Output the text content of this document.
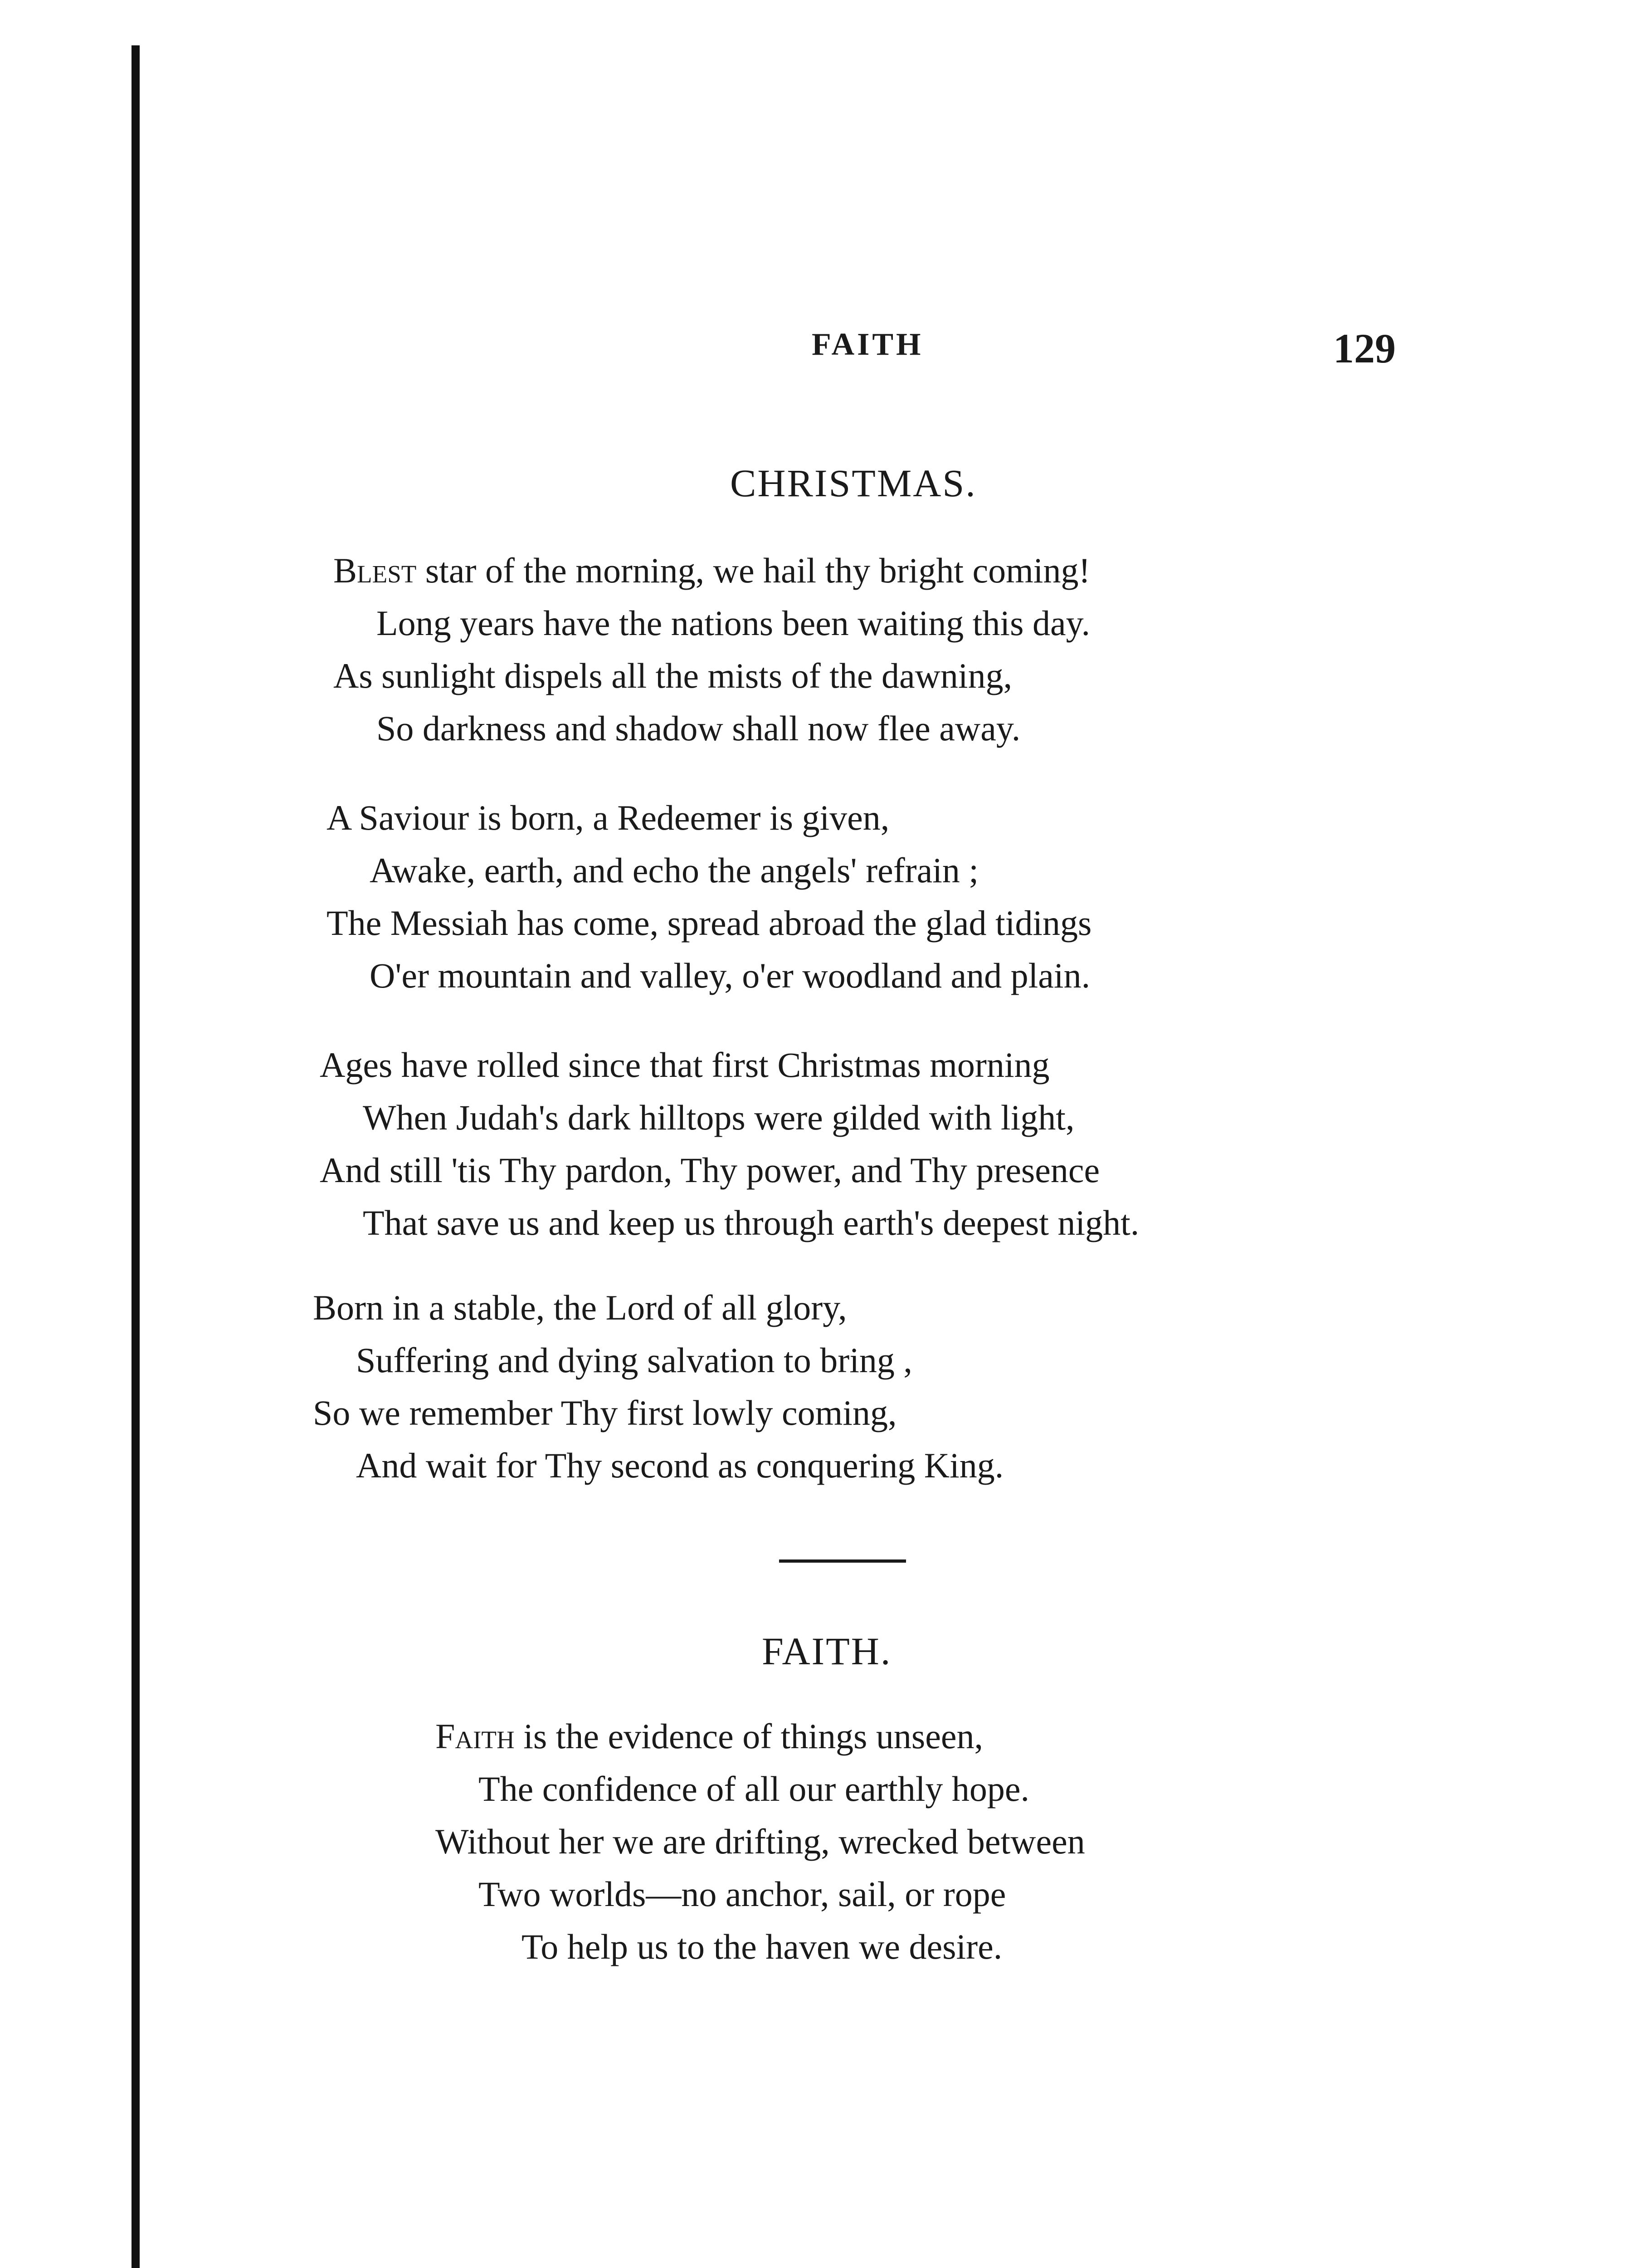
FAITH	129
CHRISTMAS.
Blest star of the morning, we hail thy bright coming!
Long years have the nations been waiting this day.
As sunlight dispels all the mists of the dawning,
So darkness and shadow shall now flee away.
A Saviour is born, a Redeemer is given,
Awake, earth, and echo the angels' refrain ;
The Messiah has come, spread abroad the glad tidings
O'er mountain and valley, o'er woodland and plain.
Ages have rolled since that first Christmas morning
When Judah's dark hilltops were gilded with light,
And still 'tis Thy pardon, Thy power, and Thy presence
That save us and keep us through earth's deepest night.
Born in a stable, the Lord of all glory,
Suffering and dying salvation to bring ,
So we remember Thy first lowly coming,
And wait for Thy second as conquering King.
FAITH.
Faith is the evidence of things unseen,
The confidence of all our earthly hope.
Without her we are drifting, wrecked between
Two worlds—no anchor, sail, or rope
To help us to the haven we desire.
